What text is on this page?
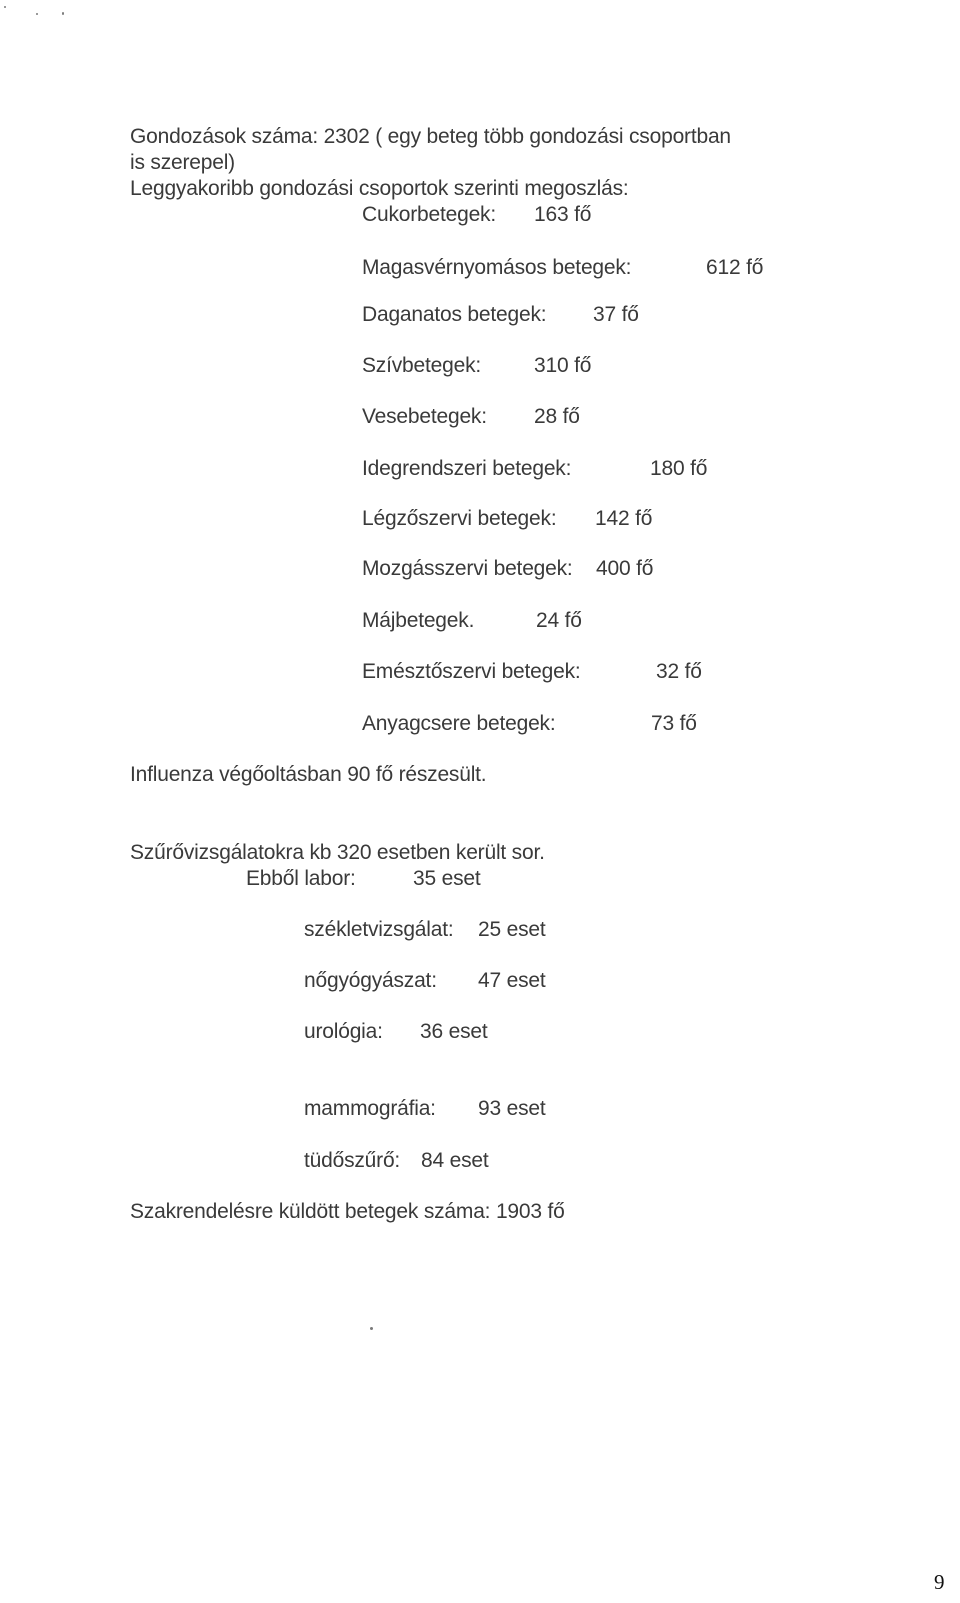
Gondozások száma: 2302 ( egy beteg több gondozási csoportban
is szerepel)
Leggyakoribb gondozási csoportok szerinti megoszlás:
Cukorbetegek: 163 fő
Magasvérnyomásos betegek:	612 fő
Daganatos betegek: 37 fő
Szívbetegek:	310 fő
Vesebetegek: 28 fő
Idegrendszeri betegek:	180 fő
Légzőszervi betegek: 142 fő
Mozgásszervi betegek: 400 fő
Májbetegek.	24 fő
Emésztőszervi betegek:	32 fő
Anyagcsere betegek:	73 fő
Influenza végőoltásban 90 fő részesült.
Szűrővizsgálatokra kb 320 esetben került sor.
Ebből labor:	35 eset
székletvizsgálat: 25 eset
nőgyógyászat: 47 eset
urológia: 36 eset
mammográfia: 93 eset
tüdőszűrő: 84 eset
Szakrendelésre küldött betegek száma: 1903 fő
9
